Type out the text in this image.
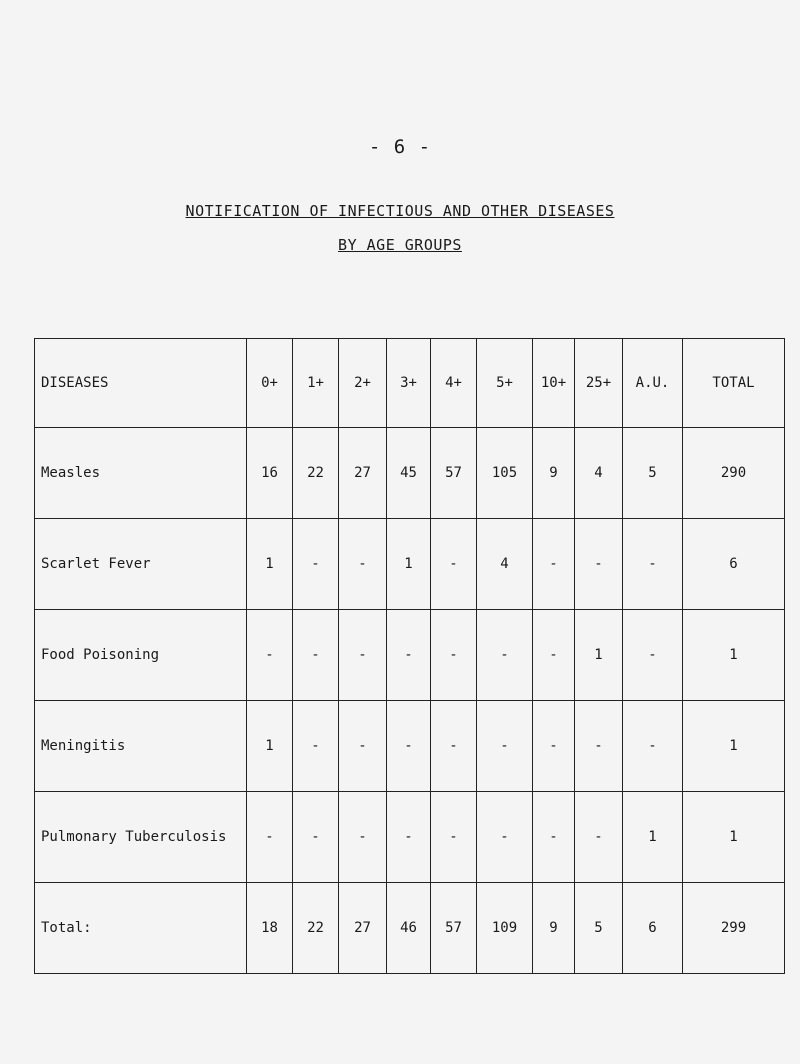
- 6 -
NOTIFICATION OF INFECTIOUS AND OTHER DISEASES
BY AGE GROUPS
DISEASES	0+	1+	2+	3+	4+	5+	10+	25+	A.U.	TOTAL
Measles	16	22	27	45	57	105	9	4	5	290
Scarlet Fever	1	-	-	1	-	4	-	-	-	6
Food Poisoning	-	-	-	-	-	-	-	1	-	1
Meningitis	1	-	-	-	-	-	-	-	-	1
Pulmonary Tuberculosis	-	-	-	-	-	-	-	-	1	1
Total:	18	22	27	46	57	109	9	5	6	299
